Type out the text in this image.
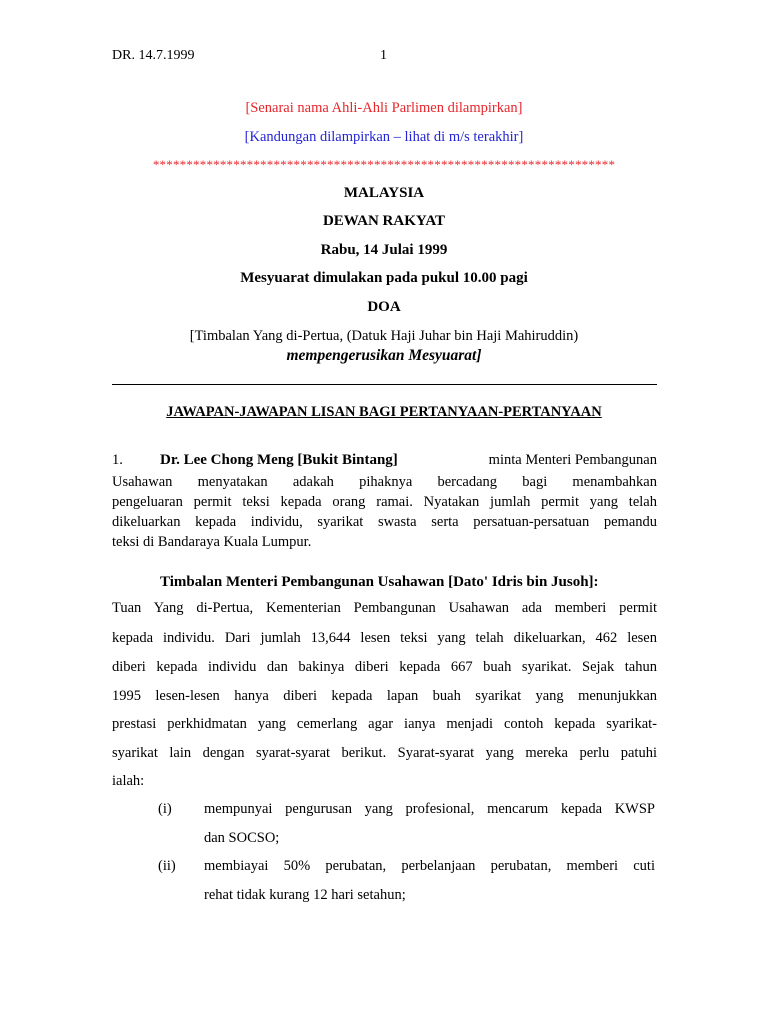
DR. 14.7.1999	1
[Senarai nama Ahli-Ahli Parlimen dilampirkan]
[Kandungan dilampirkan – lihat di m/s terakhir]
*********************************************************************
MALAYSIA
DEWAN RAKYAT
Rabu, 14 Julai 1999
Mesyuarat dimulakan pada pukul 10.00 pagi
DOA
[Timbalan Yang di-Pertua, (Datuk Haji Juhar bin Haji Mahiruddin)
mempengerusikan Mesyuarat]
JAWAPAN-JAWAPAN LISAN BAGI PERTANYAAN-PERTANYAAN
1.	Dr. Lee Chong Meng [Bukit Bintang]	minta Menteri Pembangunan
Usahawan menyatakan adakah pihaknya bercadang bagi menambahkan
pengeluaran permit teksi kepada orang ramai. Nyatakan jumlah permit yang telah
dikeluarkan kepada individu, syarikat swasta serta persatuan-persatuan pemandu
teksi di Bandaraya Kuala Lumpur.
Timbalan Menteri Pembangunan Usahawan [Dato' Idris bin Jusoh]:
Tuan Yang di-Pertua, Kementerian Pembangunan Usahawan ada memberi permit
kepada individu. Dari jumlah 13,644 lesen teksi yang telah dikeluarkan, 462 lesen
diberi kepada individu dan bakinya diberi kepada 667 buah syarikat. Sejak tahun
1995 lesen-lesen hanya diberi kepada lapan buah syarikat yang menunjukkan
prestasi perkhidmatan yang cemerlang agar ianya menjadi contoh kepada syarikat-
syarikat lain dengan syarat-syarat berikut. Syarat-syarat yang mereka perlu patuhi
ialah:
(i) mempunyai pengurusan yang profesional, mencarum kepada KWSP
dan SOCSO;
(ii) membiayai 50% perubatan, perbelanjaan perubatan, memberi cuti
rehat tidak kurang 12 hari setahun;
